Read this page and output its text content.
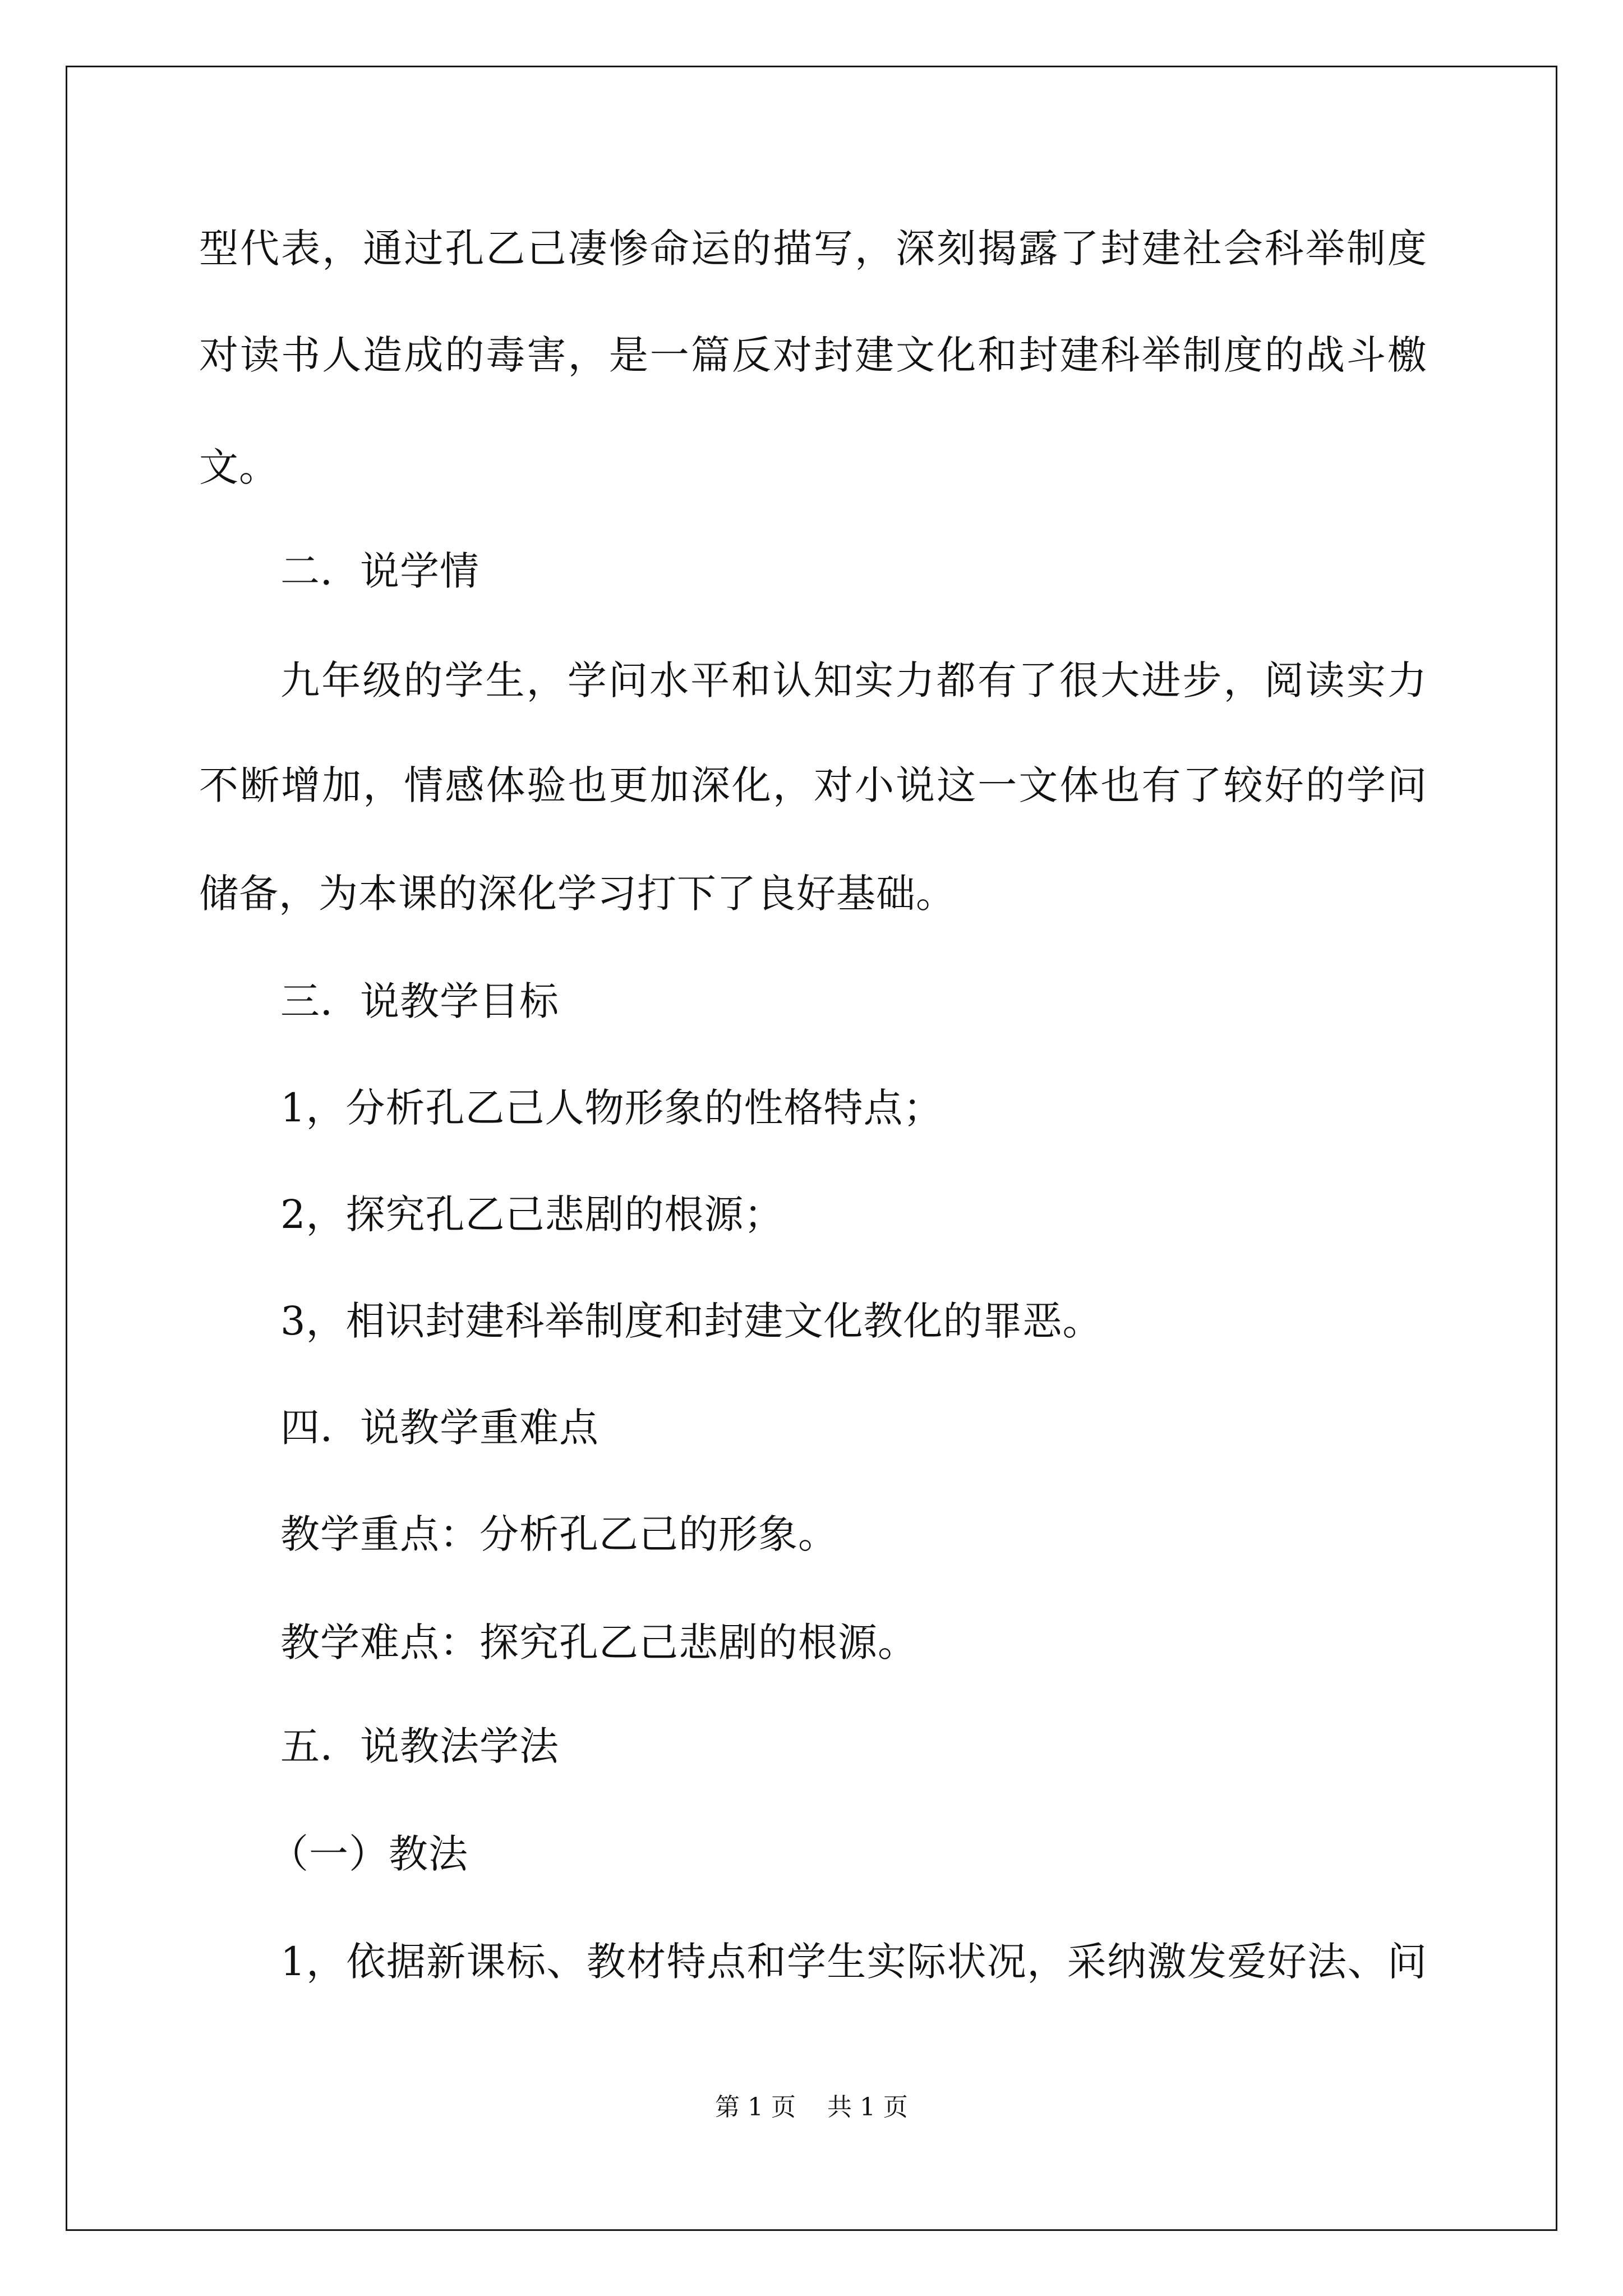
型代表，通过孔乙己凄惨命运的描写，深刻揭露了封建社会科举制度
对读书人造成的毒害，是一篇反对封建文化和封建科举制度的战斗檄
文。
二．说学情
九年级的学生，学问水平和认知实力都有了很大进步，阅读实力
不断增加，情感体验也更加深化，对小说这一文体也有了较好的学问
储备，为本课的深化学习打下了良好基础。
三．说教学目标
1，分析孔乙己人物形象的性格特点；
2，探究孔乙己悲剧的根源；
3，相识封建科举制度和封建文化教化的罪恶。
四．说教学重难点
教学重点：分析孔乙己的形象。
教学难点：探究孔乙己悲剧的根源。
五．说教法学法
（一）教法
1，依据新课标、教材特点和学生实际状况，采纳激发爱好法、问
第 1 页    共 1 页
